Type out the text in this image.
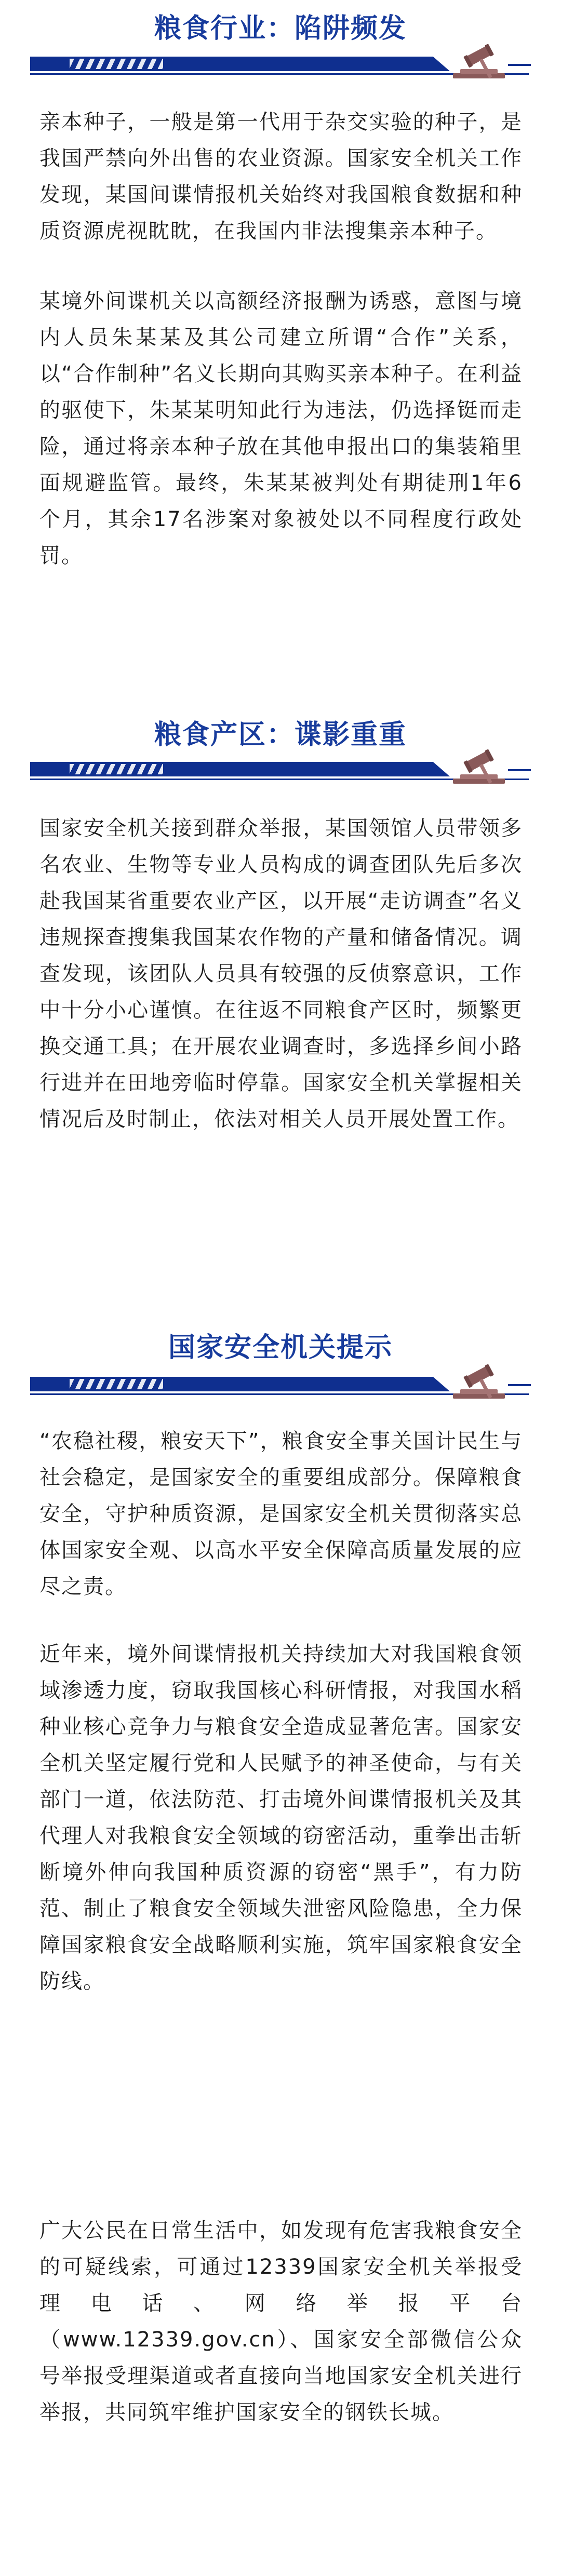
粮食行业：陷阱频发

亲本种子，一般是第一代用于杂交实验的种子，是我国严禁向外出售的农业资源。国家安全机关工作发现，某国间谍情报机关始终对我国粮食数据和种质资源虎视眈眈，在我国内非法搜集亲本种子。

某境外间谍机关以高额经济报酬为诱惑，意图与境内人员朱某某及其公司建立所谓“合作”关系，以“合作制种”名义长期向其购买亲本种子。在利益的驱使下，朱某某明知此行为违法，仍选择铤而走险，通过将亲本种子放在其他申报出口的集装箱里面规避监管。最终，朱某某被判处有期徒刑1年6个月，其余17名涉案对象被处以不同程度行政处罚。

粮食产区：谍影重重

国家安全机关接到群众举报，某国领馆人员带领多名农业、生物等专业人员构成的调查团队先后多次赴我国某省重要农业产区，以开展“走访调查”名义违规探查搜集我国某农作物的产量和储备情况。调查发现，该团队人员具有较强的反侦察意识，工作中十分小心谨慎。在往返不同粮食产区时，频繁更换交通工具；在开展农业调查时，多选择乡间小路行进并在田地旁临时停靠。国家安全机关掌握相关情况后及时制止，依法对相关人员开展处置工作。

国家安全机关提示

“农稳社稷，粮安天下”，粮食安全事关国计民生与社会稳定，是国家安全的重要组成部分。保障粮食安全，守护种质资源，是国家安全机关贯彻落实总体国家安全观、以高水平安全保障高质量发展的应尽之责。

近年来，境外间谍情报机关持续加大对我国粮食领域渗透力度，窃取我国核心科研情报，对我国水稻种业核心竞争力与粮食安全造成显著危害。国家安全机关坚定履行党和人民赋予的神圣使命，与有关部门一道，依法防范、打击境外间谍情报机关及其代理人对我粮食安全领域的窃密活动，重拳出击斩断境外伸向我国种质资源的窃密“黑手”，有力防范、制止了粮食安全领域失泄密风险隐患，全力保障国家粮食安全战略顺利实施，筑牢国家粮食安全防线。

广大公民在日常生活中，如发现有危害我粮食安全的可疑线索，可通过12339国家安全机关举报受理电话、网络举报平台（www.12339.gov.cn）、国家安全部微信公众号举报受理渠道或者直接向当地国家安全机关进行举报，共同筑牢维护国家安全的钢铁长城。
